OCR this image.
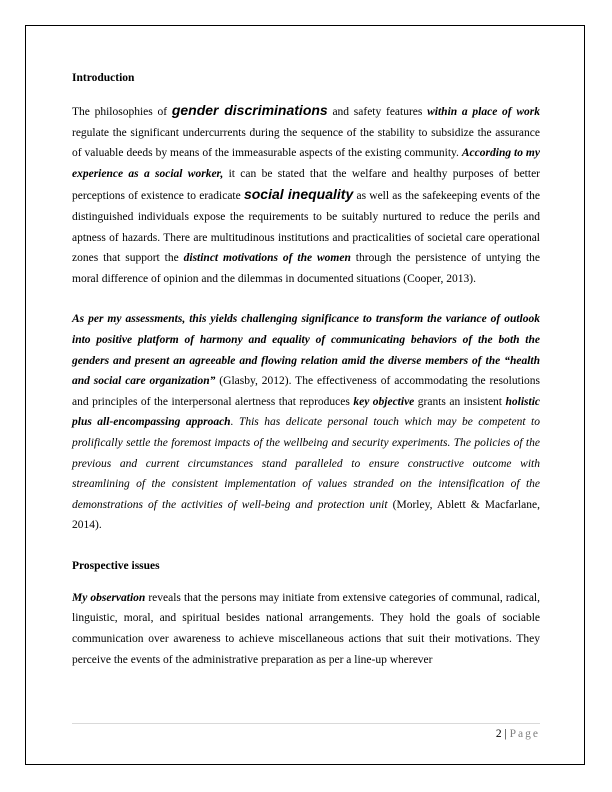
Introduction

The philosophies of gender discriminations and safety features within a place of work regulate the significant undercurrents during the sequence of the stability to subsidize the assurance of valuable deeds by means of the immeasurable aspects of the existing community. According to my experience as a social worker, it can be stated that the welfare and healthy purposes of better perceptions of existence to eradicate social inequality as well as the safekeeping events of the distinguished individuals expose the requirements to be suitably nurtured to reduce the perils and aptness of hazards. There are multitudinous institutions and practicalities of societal care operational zones that support the distinct motivations of the women through the persistence of untying the moral difference of opinion and the dilemmas in documented situations (Cooper, 2013).

As per my assessments, this yields challenging significance to transform the variance of outlook into positive platform of harmony and equality of communicating behaviors of the both the genders and present an agreeable and flowing relation amid the diverse members of the “health and social care organization” (Glasby, 2012). The effectiveness of accommodating the resolutions and principles of the interpersonal alertness that reproduces key objective grants an insistent holistic plus all-encompassing approach. This has delicate personal touch which may be competent to prolifically settle the foremost impacts of the wellbeing and security experiments. The policies of the previous and current circumstances stand paralleled to ensure constructive outcome with streamlining of the consistent implementation of values stranded on the intensification of the demonstrations of the activities of well-being and protection unit (Morley, Ablett & Macfarlane, 2014).

Prospective issues

My observation reveals that the persons may initiate from extensive categories of communal, radical, linguistic, moral, and spiritual besides national arrangements. They hold the goals of sociable communication over awareness to achieve miscellaneous actions that suit their motivations. They perceive the events of the administrative preparation as per a line-up wherever

2 | Page
